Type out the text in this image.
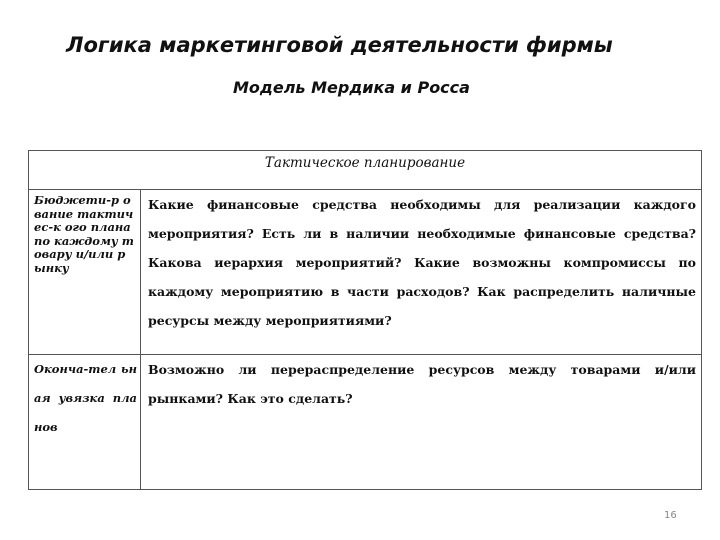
Логика маркетинговой деятельности фирмы
Модель Мердика и Росса
Тактическое планирование	
Бюджети-р ование тактичес-к ого плана по каждому товару и/или рынку	Какие финансовые средства необходимы для реализации каждого мероприятия? Есть ли в наличии необходимые финансовые средства? Какова иерархия мероприятий? Какие возможны компромиссы по каждому мероприятию в части расходов? Как распределить наличные ресурсы между мероприятиями?
Оконча-тел ьная увязка планов	Возможно ли перераспределение ресурсов между товарами и/или рынками? Как это сделать?
16
